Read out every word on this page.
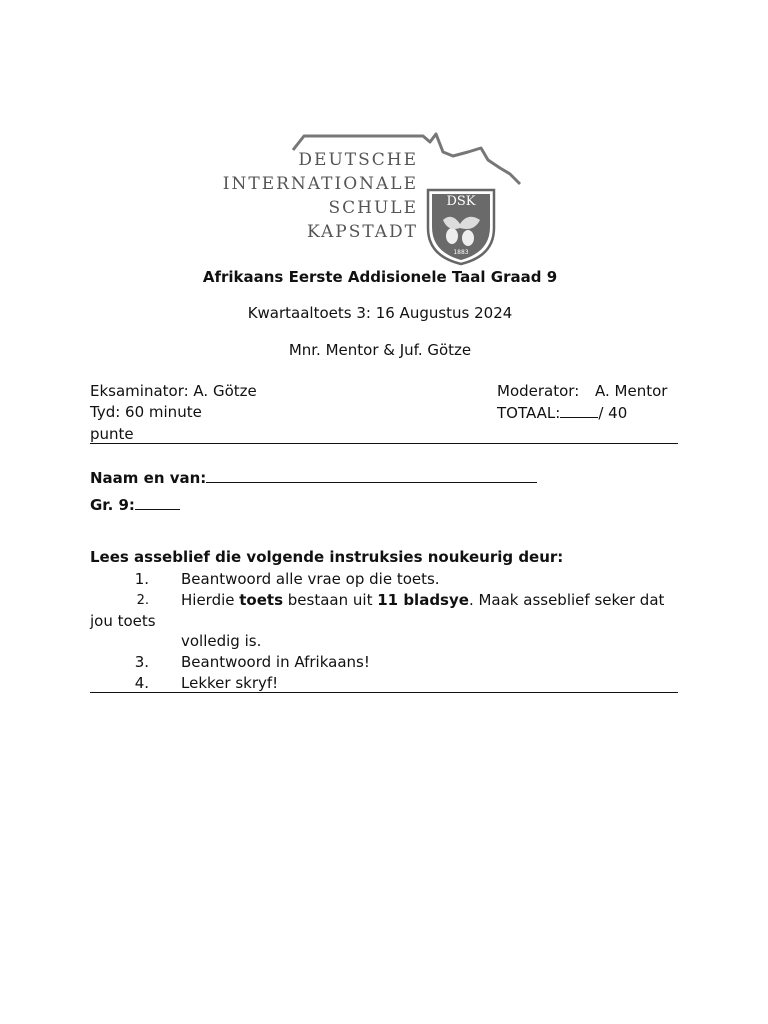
DEUTSCHE
INTERNATIONALE
SCHULE
KAPSTADT
DSK
1883
Afrikaans Eerste Addisionele Taal Graad 9
Kwartaaltoets 3: 16 Augustus 2024
Mnr. Mentor & Juf. Götze
Eksaminator: A. Götze	Moderator: A. Mentor
Tyd: 60 minute	TOTAAL:	/ 40
punte
Naam en van:
Gr. 9:
Lees asseblief die volgende instruksies noukeurig deur:
1. Beantwoord alle vrae op die toets.
2. Hierdie toets bestaan uit 11 bladsye. Maak asseblief seker dat
jou toets
volledig is.
3. Beantwoord in Afrikaans!
4. Lekker skryf!
